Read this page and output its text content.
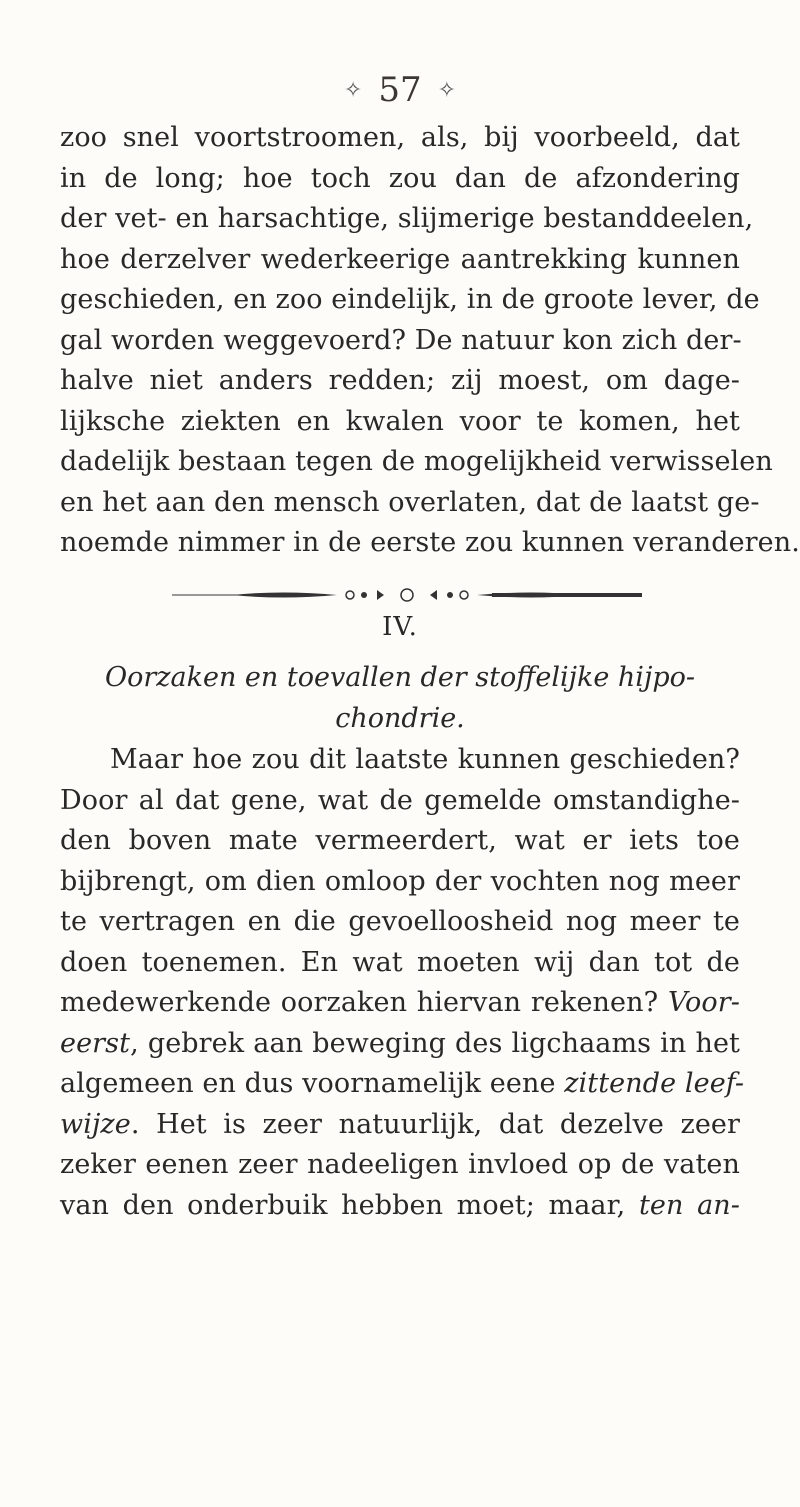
✧ 57 ✧
zoo snel voortstroomen, als, bij voorbeeld, dat
in de long; hoe toch zou dan de afzondering
der vet- en harsachtige, slijmerige bestanddeelen,
hoe derzelver wederkeerige aantrekking kunnen
geschieden, en zoo eindelijk, in de groote lever, de
gal worden weggevoerd? De natuur kon zich der-
halve niet anders redden; zij moest, om dage-
lijksche ziekten en kwalen voor te komen, het
dadelijk bestaan tegen de mogelijkheid verwisselen
en het aan den mensch overlaten, dat de laatst ge-
noemde nimmer in de eerste zou kunnen veranderen.
IV.
Oorzaken en toevallen der stoffelijke hijpo-
chondrie.
Maar hoe zou dit laatste kunnen geschieden?
Door al dat gene, wat de gemelde omstandighe-
den boven mate vermeerdert, wat er iets toe
bijbrengt, om dien omloop der vochten nog meer
te vertragen en die gevoelloosheid nog meer te
doen toenemen. En wat moeten wij dan tot de
medewerkende oorzaken hiervan rekenen? Voor-
eerst, gebrek aan beweging des ligchaams in het
algemeen en dus voornamelijk eene zittende leef-
wijze. Het is zeer natuurlijk, dat dezelve zeer
zeker eenen zeer nadeeligen invloed op de vaten
van den onderbuik hebben moet; maar, ten an-
